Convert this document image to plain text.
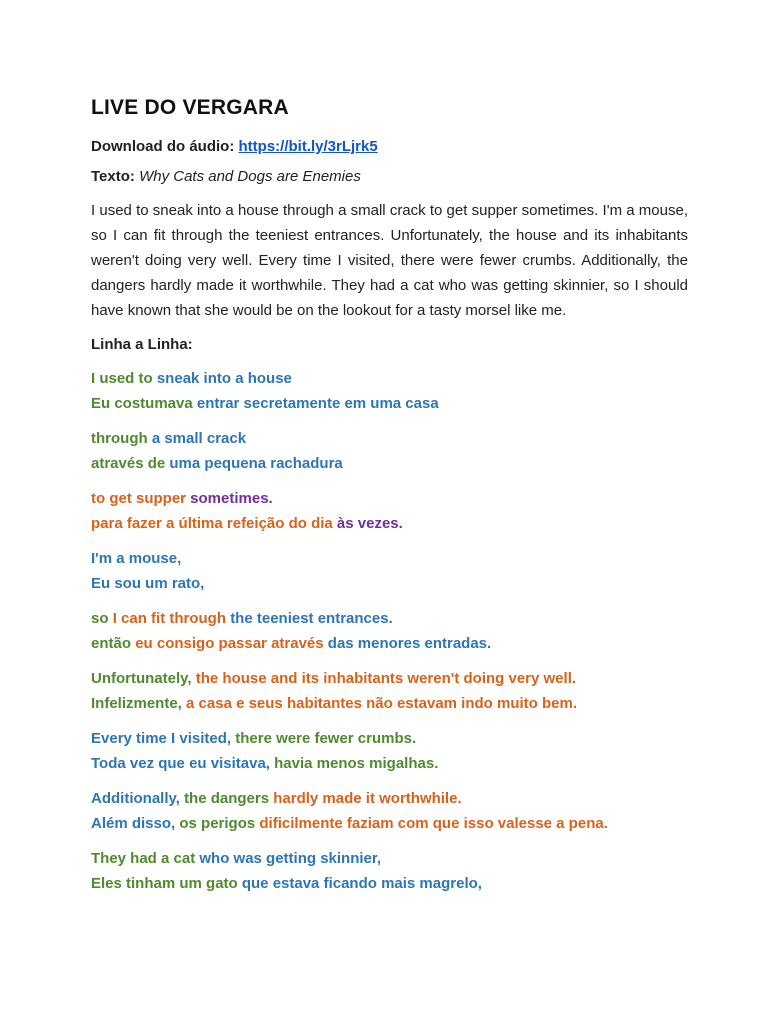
LIVE DO VERGARA
Download do áudio: https://bit.ly/3rLjrk5
Texto: Why Cats and Dogs are Enemies

I used to sneak into a house through a small crack to get supper sometimes. I'm a mouse, so I can fit through the teeniest entrances. Unfortunately, the house and its inhabitants weren't doing very well. Every time I visited, there were fewer crumbs. Additionally, the dangers hardly made it worthwhile. They had a cat who was getting skinnier, so I should have known that she would be on the lookout for a tasty morsel like me.

Linha a Linha:
I used to sneak into a house
Eu costumava entrar secretamente em uma casa
through a small crack
através de uma pequena rachadura
to get supper sometimes.
para fazer a última refeição do dia às vezes.
I'm a mouse,
Eu sou um rato,
so I can fit through the teeniest entrances.
então eu consigo passar através das menores entradas.
Unfortunately, the house and its inhabitants weren't doing very well.
Infelizmente, a casa e seus habitantes não estavam indo muito bem.
Every time I visited, there were fewer crumbs.
Toda vez que eu visitava, havia menos migalhas.
Additionally, the dangers hardly made it worthwhile.
Além disso, os perigos dificilmente faziam com que isso valesse a pena.
They had a cat who was getting skinnier,
Eles tinham um gato que estava ficando mais magrelo,
